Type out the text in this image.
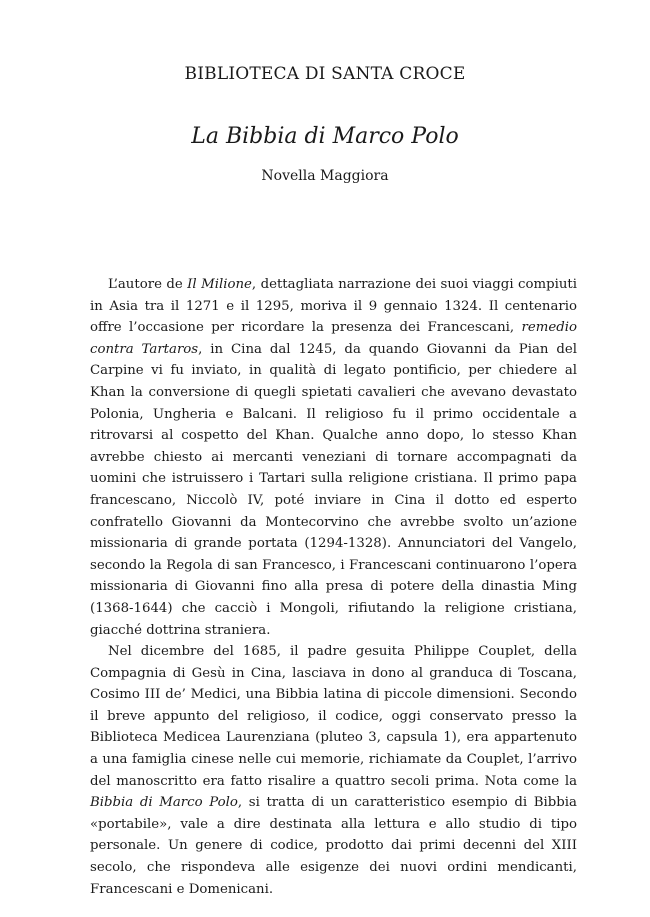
BIBLIOTECA DI SANTA CROCE
La Bibbia di Marco Polo
Novella Maggiora

L’autore de Il Milione, dettagliata narrazione dei suoi viaggi compiuti in Asia tra il 1271 e il 1295, moriva il 9 gennaio 1324. Il centenario offre l’occasione per ricordare la presenza dei Francescani, remedio contra Tartaros, in Cina dal 1245, da quando Giovanni da Pian del Carpine vi fu inviato, in qualità di legato pontificio, per chiedere al Khan la conversione di quegli spietati cavalieri che avevano devastato Polonia, Ungheria e Balcani. Il religioso fu il primo occidentale a ritrovarsi al cospetto del Khan. Qualche anno dopo, lo stesso Khan avrebbe chiesto ai mercanti veneziani di tornare accompagnati da uomini che istruissero i Tartari sulla religione cristiana. Il primo papa francescano, Niccolò IV, poté inviare in Cina il dotto ed esperto confratello Giovanni da Montecorvino che avrebbe svolto un’azione missionaria di grande portata (1294-1328). Annunciatori del Vangelo, secondo la Regola di san Francesco, i Francescani continuarono l’opera missionaria di Giovanni fino alla presa di potere della dinastia Ming (1368-1644) che cacciò i Mongoli, rifiutando la religione cristiana, giacché dottrina straniera.

Nel dicembre del 1685, il padre gesuita Philippe Couplet, della Compagnia di Gesù in Cina, lasciava in dono al granduca di Toscana, Cosimo III de’ Medici, una Bibbia latina di piccole dimensioni. Secondo il breve appunto del religioso, il codice, oggi conservato presso la Biblioteca Medicea Laurenziana (pluteo 3, capsula 1), era appartenuto a una famiglia cinese nelle cui memorie, richiamate da Couplet, l’arrivo del manoscritto era fatto risalire a quattro secoli prima. Nota come la Bibbia di Marco Polo, si tratta di un caratteristico esempio di Bibbia «portabile», vale a dire destinata alla lettura e allo studio di tipo personale. Un genere di codice, prodotto dai primi decenni del XIII secolo, che rispondeva alle esigenze dei nuovi ordini mendicanti, Francescani e Domenicani.
